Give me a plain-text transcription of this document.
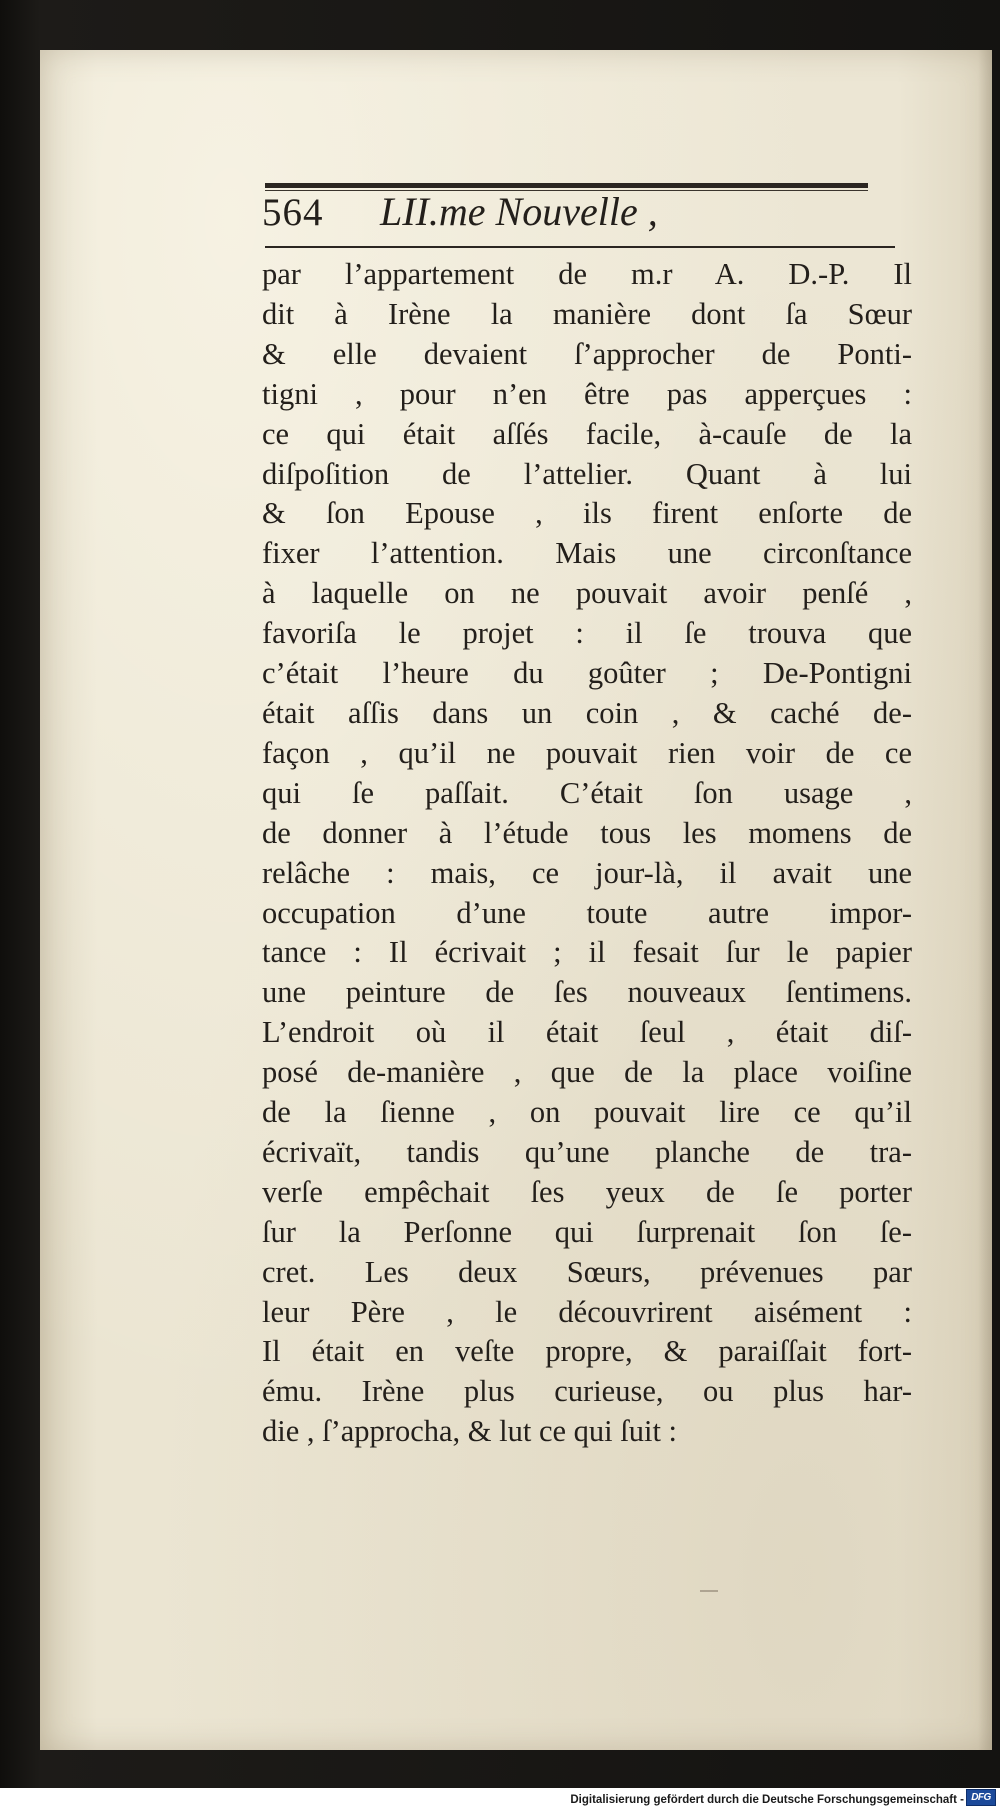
564 LII.me Nouvelle ,
par l’appartement de m.r A. D.-P. Il
dit à Irène la manière dont ſa Sœur
& elle devaient ſ’approcher de Ponti-
tigni , pour n’en être pas apperçues :
ce qui était aſſés facile, à-cauſe de la
diſpoſition de l’attelier. Quant à lui
& ſon Epouse , ils firent enſorte de
fixer l’attention. Mais une circonſtance
à laquelle on ne pouvait avoir penſé ,
favoriſa le projet : il ſe trouva que
c’était l’heure du goûter ; De-Pontigni
était aſſis dans un coin , & caché de-
façon , qu’il ne pouvait rien voir de ce
qui ſe paſſait. C’était ſon usage ,
de donner à l’étude tous les momens de
relâche : mais, ce jour-là, il avait une
occupation d’une toute autre impor-
tance : Il écrivait ; il fesait ſur le papier
une peinture de ſes nouveaux ſentimens.
L’endroit où il était ſeul , était diſ-
posé de-manière , que de la place voiſine
de la ſienne , on pouvait lire ce qu’il
écrivaït, tandis qu’une planche de tra-
verſe empêchait ſes yeux de ſe porter
ſur la Perſonne qui ſurprenait ſon ſe-
cret. Les deux Sœurs, prévenues par
leur Père , le découvrirent aisément :
Il était en veſte propre, & paraiſſait fort-
ému. Irène plus curieuse, ou plus har-
die , ſ’approcha, & lut ce qui ſuit :
Digitalisierung gefördert durch die Deutsche Forschungsgemeinschaft - DFG
